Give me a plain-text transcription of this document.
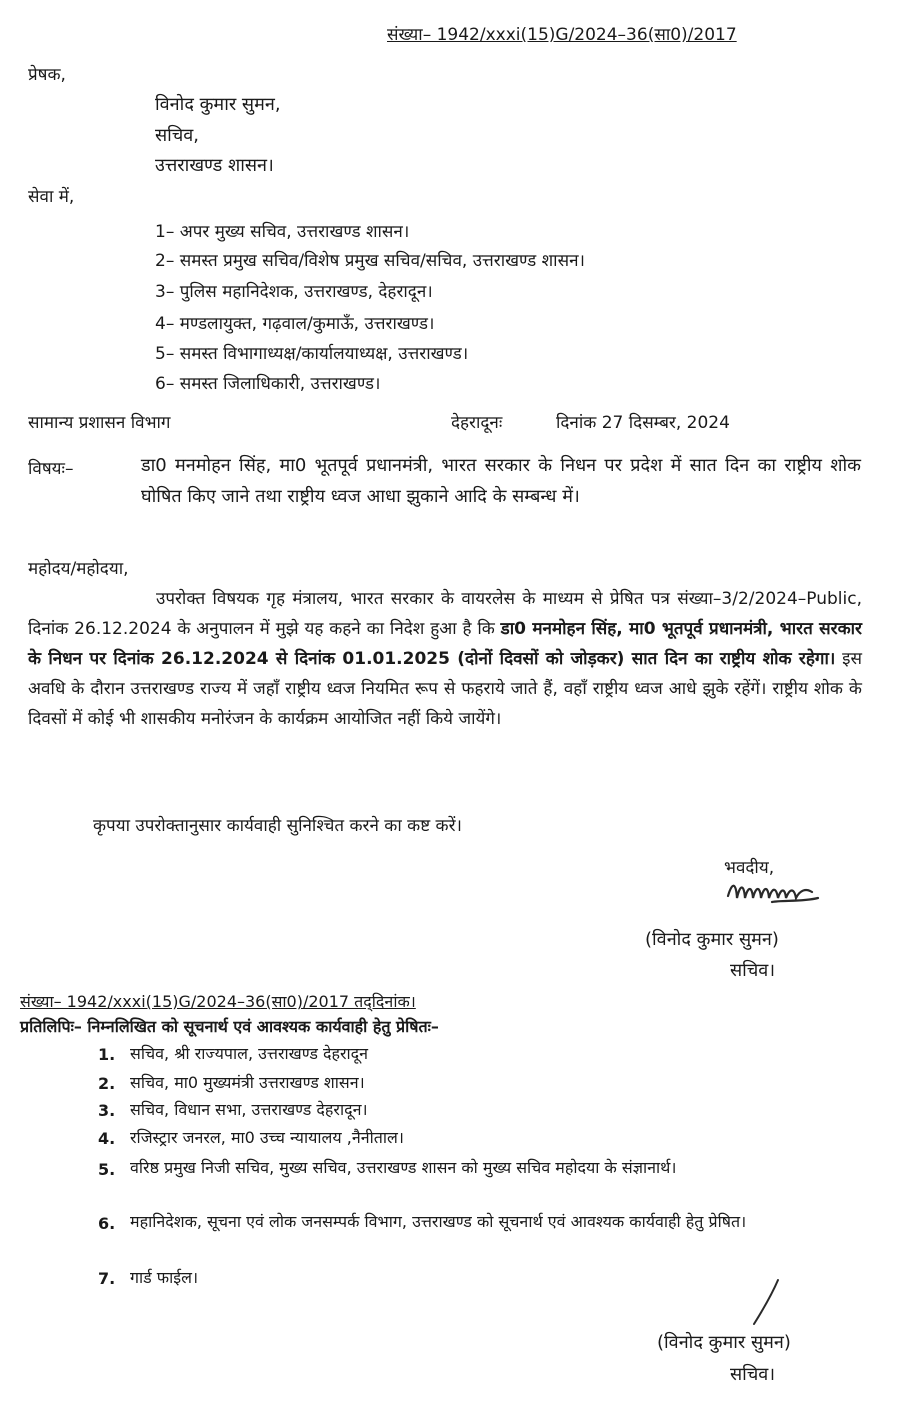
संख्या– 1942/xxxi(15)G/2024–36(सा0)/2017
प्रेषक,
विनोद कुमार सुमन,
सचिव,
उत्तराखण्ड शासन।
सेवा में,
1– अपर मुख्य सचिव, उत्तराखण्ड शासन।
2– समस्त प्रमुख सचिव/विशेष प्रमुख सचिव/सचिव, उत्तराखण्ड शासन।
3– पुलिस महानिदेशक, उत्तराखण्ड, देहरादून।
4– मण्डलायुक्त, गढ़वाल/कुमाऊँ, उत्तराखण्ड।
5– समस्त विभागाध्यक्ष/कार्यालयाध्यक्ष, उत्तराखण्ड।
6– समस्त जिलाधिकारी, उत्तराखण्ड।
सामान्य प्रशासन विभाग	देहरादूनः	दिनांक 27 दिसम्बर, 2024
विषयः–	डा0 मनमोहन सिंह, मा0 भूतपूर्व प्रधानमंत्री, भारत सरकार के निधन पर प्रदेश में सात दिन का राष्ट्रीय शोक घोषित किए जाने तथा राष्ट्रीय ध्वज आधा झुकाने आदि के सम्बन्ध में।
महोदय/महोदया,
उपरोक्त विषयक गृह मंत्रालय, भारत सरकार के वायरलेस के माध्यम से प्रेषित पत्र संख्या–3/2/2024–Public, दिनांक 26.12.2024 के अनुपालन में मुझे यह कहने का निदेश हुआ है कि डा0 मनमोहन सिंह, मा0 भूतपूर्व प्रधानमंत्री, भारत सरकार के निधन पर दिनांक 26.12.2024 से दिनांक 01.01.2025 (दोनों दिवसों को जोड़कर) सात दिन का राष्ट्रीय शोक रहेगा। इस अवधि के दौरान उत्तराखण्ड राज्य में जहाँ राष्ट्रीय ध्वज नियमित रूप से फहराये जाते हैं, वहाँ राष्ट्रीय ध्वज आधे झुके रहेंगें। राष्ट्रीय शोक के दिवसों में कोई भी शासकीय मनोरंजन के कार्यक्रम आयोजित नहीं किये जायेंगे।
कृपया उपरोक्तानुसार कार्यवाही सुनिश्चित करने का कष्ट करें।
भवदीय,
(विनोद कुमार सुमन)
सचिव।
संख्या– 1942/xxxi(15)G/2024–36(सा0)/2017 तद्‌दिनांक।
प्रतिलिपिः– निम्नलिखित को सूचनार्थ एवं आवश्यक कार्यवाही हेतु प्रेषितः–
1. सचिव, श्री राज्यपाल, उत्तराखण्ड देहरादून
2. सचिव, मा0 मुख्यमंत्री उत्तराखण्ड शासन।
3. सचिव, विधान सभा, उत्तराखण्ड देहरादून।
4. रजिस्ट्रार जनरल, मा0 उच्च न्यायालय ,नैनीताल।
5. वरिष्ठ प्रमुख निजी सचिव, मुख्य सचिव, उत्तराखण्ड शासन को मुख्य सचिव महोदया के संज्ञानार्थ।
6. महानिदेशक, सूचना एवं लोक जनसम्पर्क विभाग, उत्तराखण्ड को सूचनार्थ एवं आवश्यक कार्यवाही हेतु प्रेषित।
7. गार्ड फाईल।
(विनोद कुमार सुमन)
सचिव।
